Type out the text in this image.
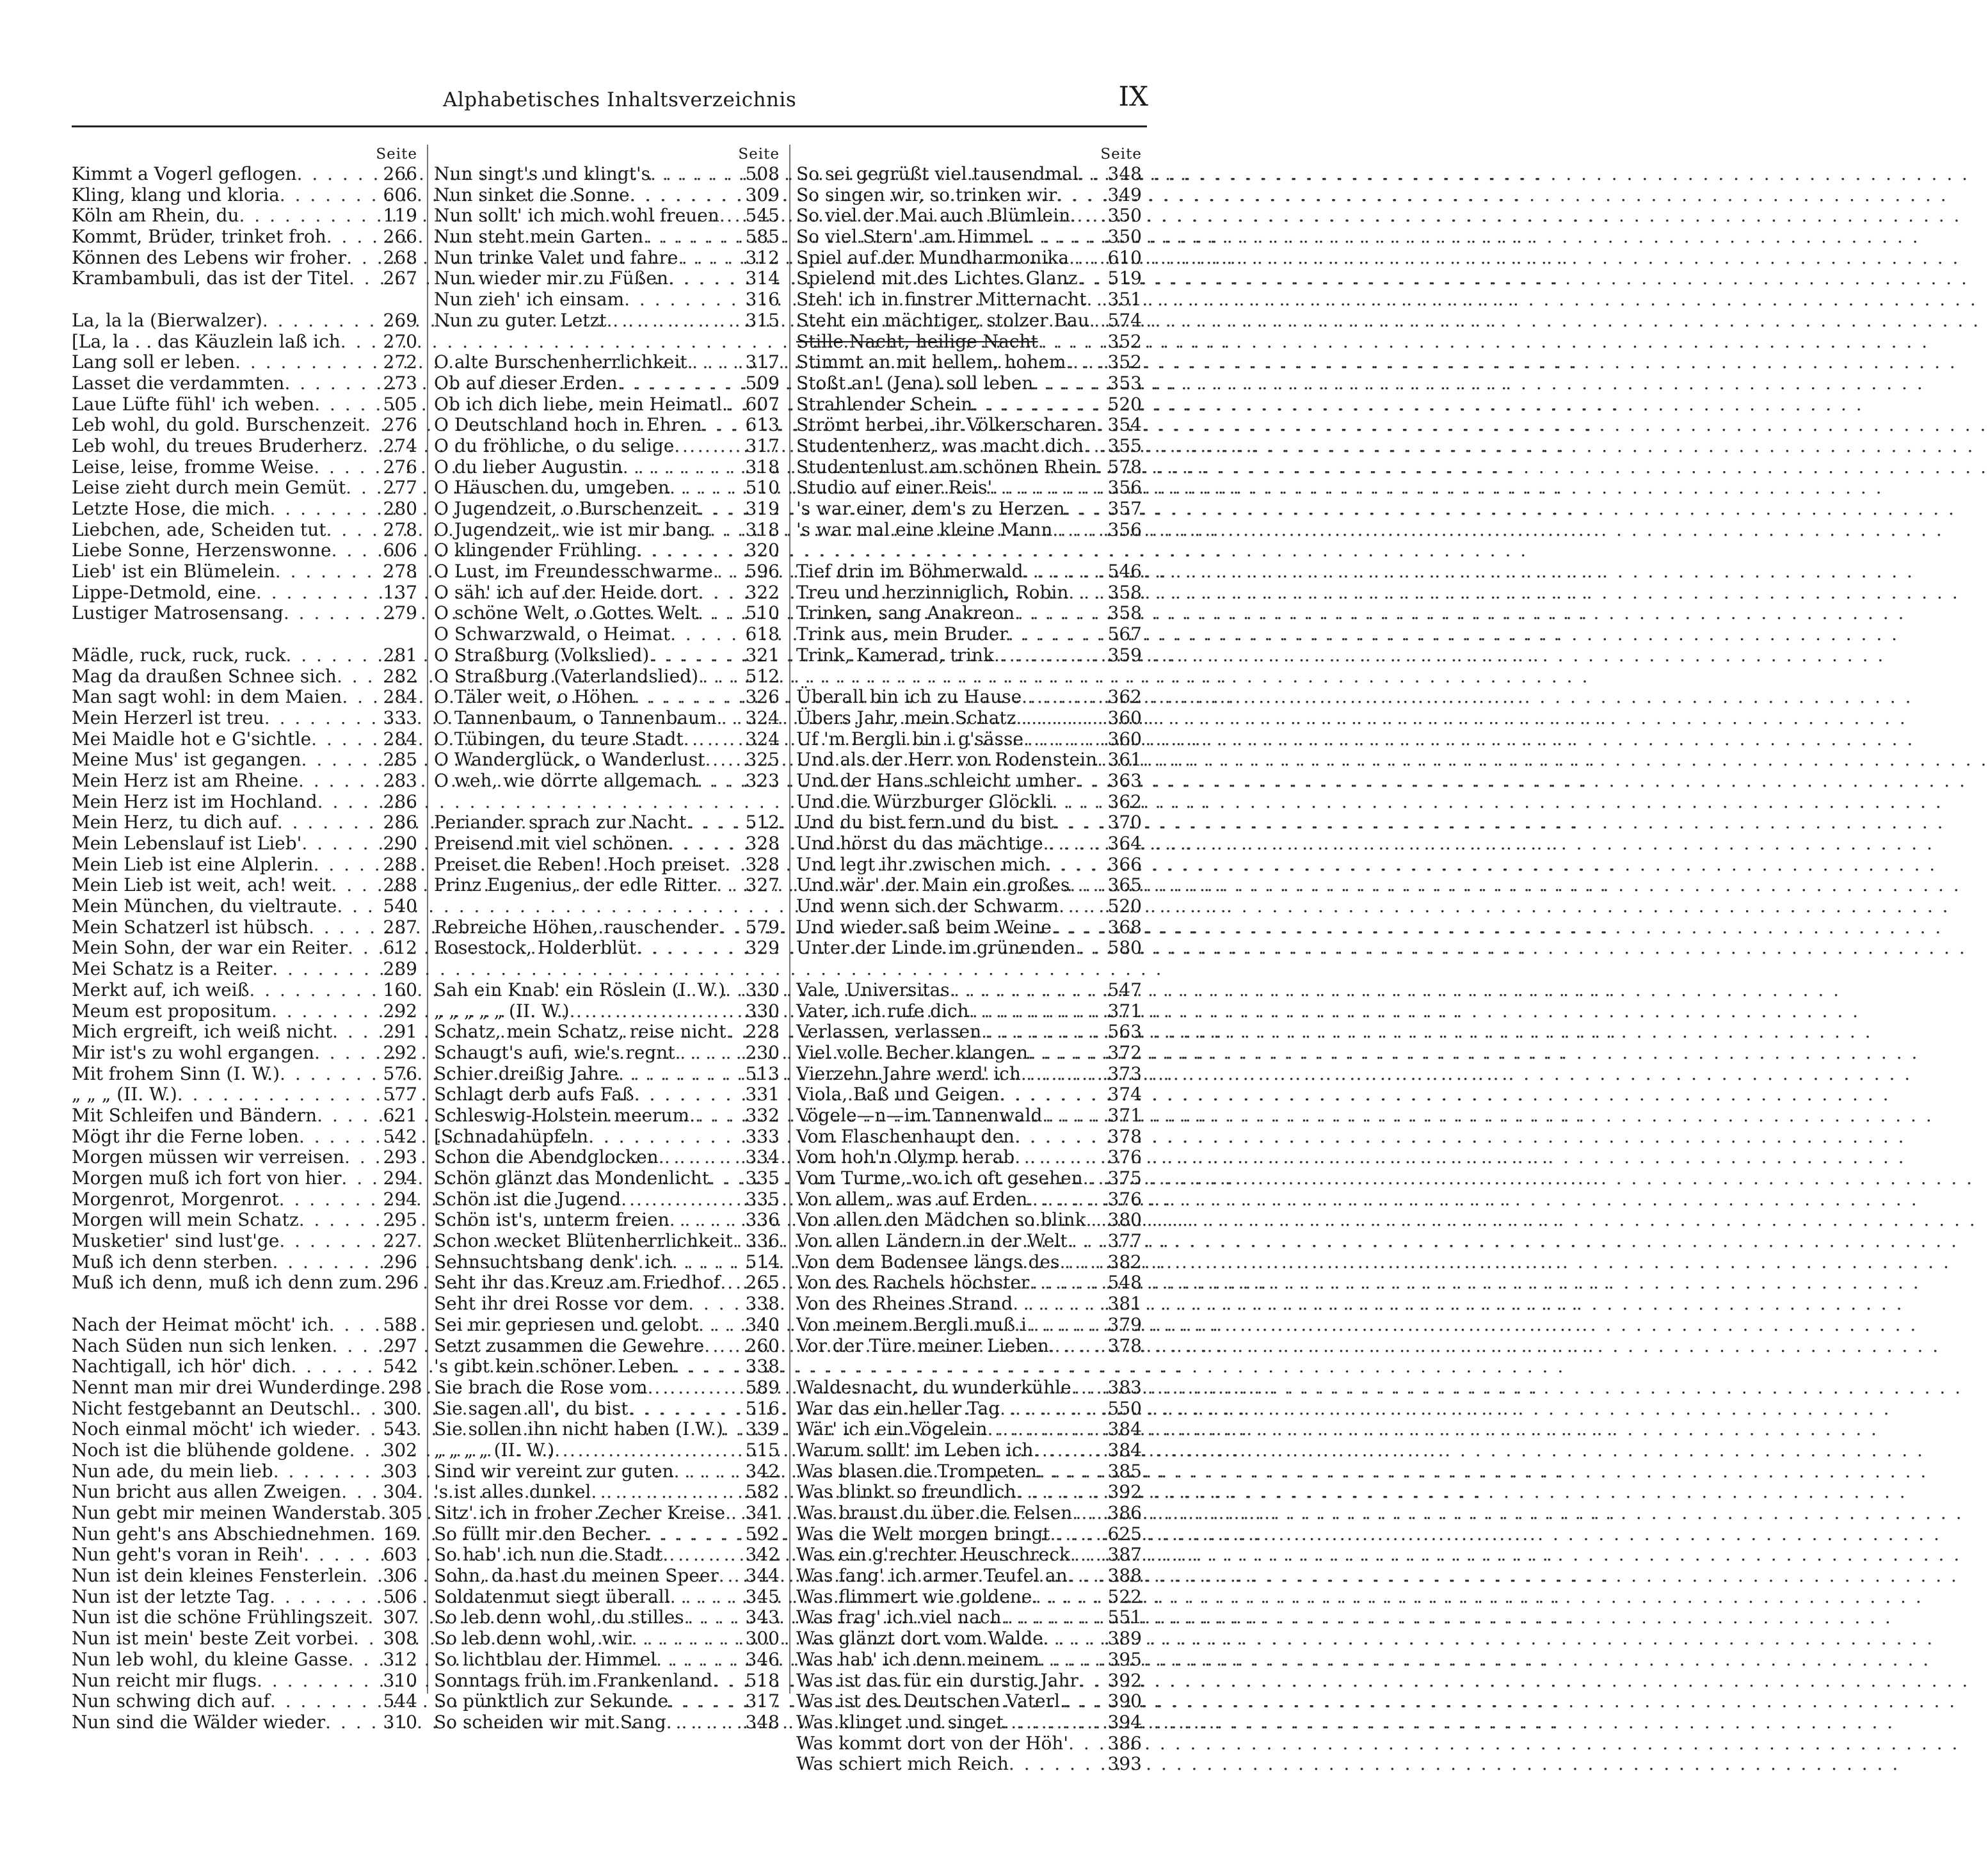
Alphabetisches Inhaltsverzeichnis	IX
Seite
Kimmt a Vogerl geflogen . . .	266
Kling, klang und kloria . . .	606
Köln am Rhein, du . . .	119
Kommt, Brüder, trinket froh . . .	266
Können des Lebens wir froher . . . 268
Krambambuli, das ist der Titel . . . 267
La, la la (Bierwalzer) . . .	269
[La, la . . das Käuzlein laß ich . . . 270
Lang soll er leben . . .	272
Lasset die verdammten . . .	273
Laue Lüfte fühl' ich weben . . .	505
Leb wohl, du gold. Burschenzeit . . . 276
Leb wohl, du treues Bruderherz . . . 274
Leise, leise, fromme Weise . . .	276
Leise zieht durch mein Gemüt . . . 277
Letzte Hose, die mich . . .	280
Liebchen, ade, Scheiden tut . . .	278
Liebe Sonne, Herzenswonne . . .	606
Lieb' ist ein Blümelein . . .	278
Lippe-Detmold, eine . . .	137
Lustiger Matrosensang . . .	279
Mädle, ruck, ruck, ruck . . .	281
Mag da draußen Schnee sich . . .	282
Man sagt wohl: in dem Maien . . . 284
Mein Herzerl ist treu . . .	333
Mei Maidle hot e G'sichtle . . .	284
Meine Mus' ist gegangen . . .	285
Mein Herz ist am Rheine . . .	283
Mein Herz ist im Hochland . . .	286
Mein Herz, tu dich auf . . .	286
Mein Lebenslauf ist Lieb' . . .	290
Mein Lieb ist eine Alplerin . . .	288
Mein Lieb ist weit, ach! weit . . .	288
Mein München, du vieltraute . . .	540
Mein Schatzerl ist hübsch . . .	287
Mein Sohn, der war ein Reiter . . . 612
Mei Schatz is a Reiter . . .	289
Merkt auf, ich weiß . . .	160
Meum est propositum . . .	292
Mich ergreift, ich weiß nicht . . .	291
Mir ist's zu wohl ergangen . . .	292
Mit frohem Sinn (I. W.) . . .	576
„ „ „ (II. W.) . . .	577
Mit Schleifen und Bändern . . .	621
Mögt ihr die Ferne loben . . .	542
Morgen müssen wir verreisen . . . 293
Morgen muß ich fort von hier . . . 294
Morgenrot, Morgenrot . . .	294
Morgen will mein Schatz . . .	295
Musketier' sind lust'ge . . .	227
Muß ich denn sterben . . .	296
Muß ich denn, muß ich denn zum . . . 296
Nach der Heimat möcht' ich . . .	588
Nach Süden nun sich lenken . . .	297
Nachtigall, ich hör' dich . . .	542
Nennt man mir drei Wunderdinge . . . 298
Nicht festgebannt an Deutschl. . . . 300
Noch einmal möcht' ich wieder . . . 543
Noch ist die blühende goldene . . . 302
Nun ade, du mein lieb . . .	303
Nun bricht aus allen Zweigen . . . 304
Nun gebt mir meinen Wanderstab . . . 305
Nun geht's ans Abschiednehmen . . . 169
Nun geht's voran in Reih' . . .	603
Nun ist dein kleines Fensterlein . . . 306
Nun ist der letzte Tag . . .	506
Nun ist die schöne Frühlingszeit . . . 307
Nun ist mein' beste Zeit vorbei . . . 308
Nun leb wohl, du kleine Gasse . . . 312
Nun reicht mir flugs . . .	310
Nun schwing dich auf . . .	544
Nun sind die Wälder wieder . . .	310
Seite
Nun singt's und klingt's . . .	508
Nun sinket die Sonne . . .	309
Nun sollt' ich mich wohl freuen . . . 545
Nun steht mein Garten . . .	585
Nun trinke Valet und fahre . . .	312
Nun wieder mir zu Füßen . . .	314
Nun zieh' ich einsam . . .	316
Nun zu guter Letzt . . .	315
O alte Burschenherrlichkeit . . .	317
Ob auf dieser Erden . . .	509
Ob ich dich liebe, mein Heimatl. . . . 607
O Deutschland hoch in Ehren . . . 613
O du fröhliche, o du selige . . .	317
O du lieber Augustin . . .	318
O Häuschen du, umgeben . . .	510
O Jugendzeit, o Burschenzeit . . .	319
O Jugendzeit, wie ist mir bang . . . 318
O klingender Frühling . . .	320
O Lust, im Freundesschwarme . . . 596
O säh' ich auf der Heide dort . . .	322
O schöne Welt, o Gottes Welt . . .	510
O Schwarzwald, o Heimat . . .	618
O Straßburg (Volkslied) . . .	321
O Straßburg (Vaterlandslied) . . .	512
O Täler weit, o Höhen . . .	326
O Tannenbaum, o Tannenbaum . . . 324
O Tübingen, du teure Stadt . . .	324
O Wanderglück, o Wanderlust . . . 325
O weh, wie dörrte allgemach . . .	323
Periander sprach zur Nacht . . .	512
Preisend mit viel schönen . . .	328
Preiset die Reben! Hoch preiset . . . 328
Prinz Eugenius, der edle Ritter . . . 327
Rebreiche Höhen, rauschender . . . 579
Rosestock, Holderblüt . . .	329
Sah ein Knab' ein Röslein (I. W.) . . . 330
„ „ „ „ „ (II. W.) . . .	330
Schatz, mein Schatz, reise nicht . . . 228
Schaugt's aufi, wie's regnt . . .	230
Schier dreißig Jahre . . .	513
Schlagt derb aufs Faß . . .	331
Schleswig-Holstein meerum. . . .	332
[Schnadahüpfeln . . .	333
Schon die Abendglocken . . .	334
Schön glänzt das Mondenlicht . . . 335
Schön ist die Jugend . . .	335
Schön ist's, unterm freien . . .	336
Schon wecket Blütenherrlichkeit . . . 336
Sehnsuchtsbang denk' ich . . .	514
Seht ihr das Kreuz am Friedhof . . . 265
Seht ihr drei Rosse vor dem . . .	338
Sei mir gepriesen und gelobt . . .	340
Setzt zusammen die Gewehre . . . 260
's gibt kein schöner Leben . . .	338
Sie brach die Rose vom . . .	589
Sie sagen all', du bist . . .	516
Sie sollen ihn nicht haben (I W.) . . . 339
„ „ „ „ (II. W.) . . .	515
Sind wir vereint zur guten . . .	342
's ist alles dunkel . . .	582
Sitz' ich in froher Zecher Kreise . . . 341
So füllt mir den Becher . . .	592
So hab' ich nun die Stadt . . .	342
Sohn, da hast du meinen Speer . . . 344
Soldatenmut siegt überall . . .	345
So leb denn wohl, du stilles . . .	343
So leb denn wohl, wir . . .	300
So lichtblau der Himmel . . .	346
Sonntags früh im Frankenland . . . 518
So pünktlich zur Sekunde . . .	317
So scheiden wir mit Sang . . .	348
Seite
So sei gegrüßt viel tausendmal . . . 348
So singen wir, so trinken wir . . .	349
So viel der Mai auch Blümlein . . . 350
So viel Stern' am Himmel . . .	350
Spiel auf der Mundharmonika . . . 610
Spielend mit des Lichtes Glanz . . . 519
Steh' ich in finstrer Mitternacht . . . 351
Steht ein mächtiger, stolzer Bau . . . 574
Stille Nacht, heilige Nacht . . .	352
Stimmt an mit hellem, hohem . . . 352
Stoßt an! (Jena) soll leben . . .	353
Strahlender Schein . . .	520
Strömt herbei, ihr Völkerscharen . . . 354
Studentenherz, was macht dich . . . 355
Studentenlust am schönen Rhein . . . 578
Studio auf einer Reis' . . .	356
's war einer, dem's zu Herzen . . . 357
's war mal eine kleine Mann . . .	356
Tief drin im Böhmerwald . . .	546
Treu und herzinniglich, Robin . . . 358
Trinken, sang Anakreon . . .	358
Trink aus, mein Bruder . . .	567
Trink, Kamerad, trink . . .	359
Überall bin ich zu Hause . . .	362
Übers Jahr, mein Schatz . . .	360
Uf 'm Bergli bin i g'sässe . . .	360
Und als der Herr von Rodenstein . . . 361
Und der Hans schleicht umher . . . 363
Und die Würzburger Glöckli . . .	362
Und du bist fern und du bist . . .	370
Und hörst du das mächtige . . .	364
Und legt ihr zwischen mich . . .	366
Und wär' der Main ein großes . . . 365
Und wenn sich der Schwarm . . .	520
Und wieder saß beim Weine . . .	368
Unter der Linde im grünenden . . . 580
Vale, Universitas . . .	547
Vater, ich rufe dich . . .	371
Verlassen, verlassen . . .	563
Viel volle Becher klangen . . .	372
Vierzehn Jahre werd' ich . . .	373
Viola, Baß und Geigen . . .	374
Vögele—n—im Tannenwald . . .	371
Vom Flaschenhaupt den . . .	378
Vom hoh'n Olymp herab . . .	376
Vom Turme, wo ich oft gesehen . . . 375
Von allem, was auf Erden . . .	376
Von allen den Mädchen so blink . . . 380
Von allen Ländern in der Welt . . . 377
Von dem Bodensee längs des . . .	382
Von des Rachels höchster . . .	548
Von des Rheines Strand . . .	381
Von meinem Bergli muß i . . .	379
Vor der Türe meiner Lieben . . .	378
Waldesnacht, du wunderkühle . . . 383
War das ein heller Tag . . .	550
Wär' ich ein Vögelein . . .	384
Warum sollt' im Leben ich . . .	384
Was blasen die Trompeten . . .	385
Was blinkt so freundlich . . .	392
Was braust du über die Felsen . . . 386
Was die Welt morgen bringt . . .	625
Was ein g'rechter Heuschreck . . . 387
Was fang' ich armer Teufel an . . . 388
Was flimmert wie goldene . . .	522
Was frag' ich viel nach . . .	551
Was glänzt dort vom Walde . . .	389
Was hab' ich denn meinem . . .	395
Was ist das für ein durstig Jahr . . . 392
Was ist des Deutschen Vaterl. . . . 390
Was klinget und singet . . .	394
Was kommt dort von der Höh' . . . 386
Was schiert mich Reich . . .	393
